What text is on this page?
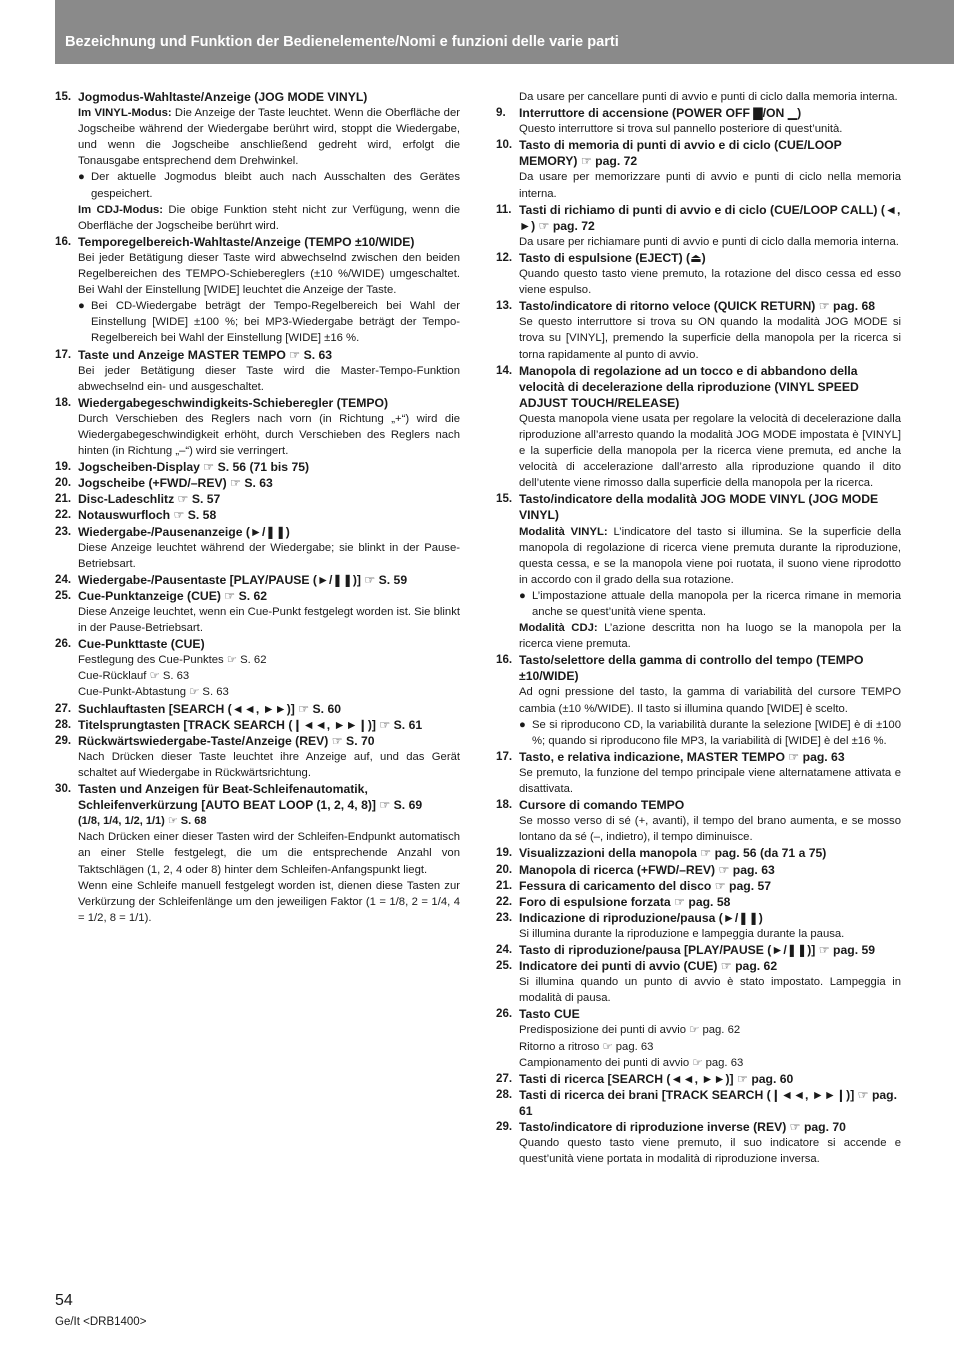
Bezeichnung und Funktion der Bedienelemente/Nomi e funzioni delle varie parti
15. Jogmodus-Wahltaste/Anzeige (JOG MODE VINYL)
Im VINYL-Modus: Die Anzeige der Taste leuchtet. Wenn die Oberfläche der Jogscheibe während der Wiedergabe berührt wird, stoppt die Wiedergabe, und wenn die Jogscheibe anschließend gedreht wird, erfolgt die Tonausgabe entsprechend dem Drehwinkel.
● Der aktuelle Jogmodus bleibt auch nach Ausschalten des Gerätes gespeichert.
Im CDJ-Modus: Die obige Funktion steht nicht zur Verfügung, wenn die Oberfläche der Jogscheibe berührt wird.
16. Temporegelbereich-Wahltaste/Anzeige (TEMPO ±10/WIDE)
Bei jeder Betätigung dieser Taste wird abwechselnd zwischen den beiden Regelbereichen des TEMPO-Schiebereglers (±10 %/WIDE) umgeschaltet. Bei Wahl der Einstellung [WIDE] leuchtet die Anzeige der Taste.
● Bei CD-Wiedergabe beträgt der Tempo-Regelbereich bei Wahl der Einstellung [WIDE] ±100 %; bei MP3-Wiedergabe beträgt der Tempo-Regelbereich bei Wahl der Einstellung [WIDE] ±16 %.
17. Taste und Anzeige MASTER TEMPO ☞ S. 63
Bei jeder Betätigung dieser Taste wird die Master-Tempo-Funktion abwechselnd ein- und ausgeschaltet.
18. Wiedergabegeschwindigkeits-Schieberegler (TEMPO)
Durch Verschieben des Reglers nach vorn (in Richtung „+“) wird die Wiedergabegeschwindigkeit erhöht, durch Verschieben des Reglers nach hinten (in Richtung „–“) wird sie verringert.
19. Jogscheiben-Display ☞ S. 56 (71 bis 75)
20. Jogscheibe (+FWD/–REV) ☞ S. 63
21. Disc-Ladeschlitz ☞ S. 57
22. Notauswurfloch ☞ S. 58
23. Wiedergabe-/Pausenanzeige (►/❚❚)
Diese Anzeige leuchtet während der Wiedergabe; sie blinkt in der Pause-Betriebsart.
24. Wiedergabe-/Pausentaste [PLAY/PAUSE (►/❚❚)] ☞ S. 59
25. Cue-Punktanzeige (CUE) ☞ S. 62
Diese Anzeige leuchtet, wenn ein Cue-Punkt festgelegt worden ist. Sie blinkt in der Pause-Betriebsart.
26. Cue-Punkttaste (CUE)
Festlegung des Cue-Punktes ☞ S. 62
Cue-Rücklauf ☞ S. 63
Cue-Punkt-Abtastung ☞ S. 63
27. Suchlauftasten [SEARCH (◄◄, ►►)] ☞ S. 60
28. Titelsprungtasten [TRACK SEARCH (❙◄◄, ►►❙)] ☞ S. 61
29. Rückwärtswiedergabe-Taste/Anzeige (REV) ☞ S. 70
Nach Drücken dieser Taste leuchtet ihre Anzeige auf, und das Gerät schaltet auf Wiedergabe in Rückwärtsrichtung.
30. Tasten und Anzeigen für Beat-Schleifenautomatik, Schleifenverkürzung [AUTO BEAT LOOP (1, 2, 4, 8)] ☞ S. 69
(1/8, 1/4, 1/2, 1/1) ☞ S. 68
Nach Drücken einer dieser Tasten wird der Schleifen-Endpunkt automatisch an einer Stelle festgelegt, die um die entsprechende Anzahl von Taktschlägen (1, 2, 4 oder 8) hinter dem Schleifen-Anfangspunkt liegt.
Wenn eine Schleife manuell festgelegt worden ist, dienen diese Tasten zur Verkürzung der Schleifenlänge um den jeweiligen Faktor (1 = 1/8, 2 = 1/4, 4 = 1/2, 8 = 1/1).
Da usare per cancellare punti di avvio e punti di ciclo dalla memoria interna.
9. Interruttore di accensione (POWER OFF ▇/ON ▁)
Questo interruttore si trova sul pannello posteriore di quest’unità.
10. Tasto di memoria di punti di avvio e di ciclo (CUE/LOOP MEMORY) ☞ pag. 72
Da usare per memorizzare punti di avvio e punti di ciclo nella memoria interna.
11. Tasti di richiamo di punti di avvio e di ciclo (CUE/LOOP CALL) (◄, ►) ☞ pag. 72
Da usare per richiamare punti di avvio e punti di ciclo dalla memoria interna.
12. Tasto di espulsione (EJECT) (⏏)
Quando questo tasto viene premuto, la rotazione del disco cessa ed esso viene espulso.
13. Tasto/indicatore di ritorno veloce (QUICK RETURN) ☞ pag. 68
Se questo interruttore si trova su ON quando la modalità JOG MODE si trova su [VINYL], premendo la superficie della manopola per la ricerca si torna rapidamente al punto di avvio.
14. Manopola di regolazione ad un tocco e di abbandono della velocità di decelerazione della riproduzione (VINYL SPEED ADJUST TOUCH/RELEASE)
Questa manopola viene usata per regolare la velocità di decelerazione dalla riproduzione all’arresto quando la modalità JOG MODE impostata è [VINYL] e la superficie della manopola per la ricerca viene premuta, ed anche la velocità di accelerazione dall’arresto alla riproduzione quando il dito dell’utente viene rimosso dalla superficie della manopola per la ricerca.
15. Tasto/indicatore della modalità JOG MODE VINYL (JOG MODE VINYL)
Modalità VINYL: L’indicatore del tasto si illumina. Se la superficie della manopola di regolazione di ricerca viene premuta durante la riproduzione, questa cessa, e se la manopola viene poi ruotata, il suono viene riprodotto in accordo con il grado della sua rotazione.
● L’impostazione attuale della manopola per la ricerca rimane in memoria anche se quest’unità viene spenta.
Modalità CDJ: L’azione descritta non ha luogo se la manopola per la ricerca viene premuta.
16. Tasto/selettore della gamma di controllo del tempo (TEMPO ±10/WIDE)
Ad ogni pressione del tasto, la gamma di variabilità del cursore TEMPO cambia (±10 %/WIDE). Il tasto si illumina quando [WIDE] è scelto.
● Se si riproducono CD, la variabilità durante la selezione [WIDE] è di ±100 %; quando si riproducono file MP3, la variabilità di [WIDE] è del ±16 %.
17. Tasto, e relativa indicazione, MASTER TEMPO ☞ pag. 63
Se premuto, la funzione del tempo principale viene alternatamene attivata e disattivata.
18. Cursore di comando TEMPO
Se mosso verso di sé (+, avanti), il tempo del brano aumenta, e se mosso lontano da sé (–, indietro), il tempo diminuisce.
19. Visualizzazioni della manopola ☞ pag. 56 (da 71 a 75)
20. Manopola di ricerca (+FWD/–REV) ☞ pag. 63
21. Fessura di caricamento del disco ☞ pag. 57
22. Foro di espulsione forzata ☞ pag. 58
23. Indicazione di riproduzione/pausa (►/❚❚)
Si illumina durante la riproduzione e lampeggia durante la pausa.
24. Tasto di riproduzione/pausa [PLAY/PAUSE (►/❚❚)] ☞ pag. 59
25. Indicatore dei punti di avvio (CUE) ☞ pag. 62
Si illumina quando un punto di avvio è stato impostato. Lampeggia in modalità di pausa.
26. Tasto CUE
Predisposizione dei punti di avvio ☞ pag. 62
Ritorno a ritroso ☞ pag. 63
Campionamento dei punti di avvio ☞ pag. 63
27. Tasti di ricerca [SEARCH (◄◄, ►►)] ☞ pag. 60
28. Tasti di ricerca dei brani [TRACK SEARCH (❙◄◄, ►►❙)] ☞ pag. 61
29. Tasto/indicatore di riproduzione inverse (REV) ☞ pag. 70
Quando questo tasto viene premuto, il suo indicatore si accende e quest’unità viene portata in modalità di riproduzione inversa.
54
Ge/It <DRB1400>
